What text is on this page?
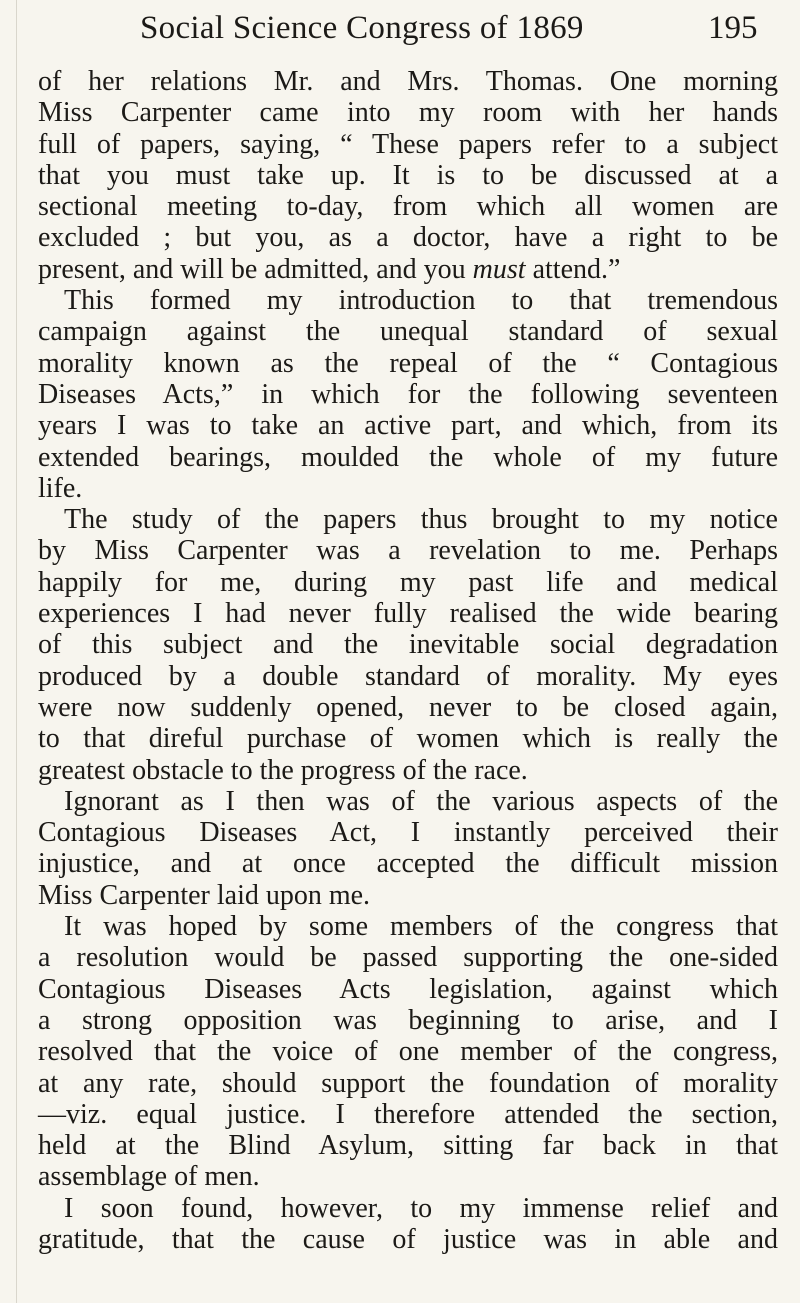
Social Science Congress of 1869	195
of her relations Mr. and Mrs. Thomas. One morning
Miss Carpenter came into my room with her hands
full of papers, saying, “ These papers refer to a subject
that you must take up. It is to be discussed at a
sectional meeting to-day, from which all women are
excluded ; but you, as a doctor, have a right to be
present, and will be admitted, and you must attend.”
This formed my introduction to that tremendous
campaign against the unequal standard of sexual
morality known as the repeal of the “ Contagious
Diseases Acts,” in which for the following seventeen
years I was to take an active part, and which, from its
extended bearings, moulded the whole of my future
life.
The study of the papers thus brought to my notice
by Miss Carpenter was a revelation to me. Perhaps
happily for me, during my past life and medical
experiences I had never fully realised the wide bearing
of this subject and the inevitable social degradation
produced by a double standard of morality. My eyes
were now suddenly opened, never to be closed again,
to that direful purchase of women which is really the
greatest obstacle to the progress of the race.
Ignorant as I then was of the various aspects of the
Contagious Diseases Act, I instantly perceived their
injustice, and at once accepted the difficult mission
Miss Carpenter laid upon me.
It was hoped by some members of the congress that
a resolution would be passed supporting the one-sided
Contagious Diseases Acts legislation, against which
a strong opposition was beginning to arise, and I
resolved that the voice of one member of the congress,
at any rate, should support the foundation of morality
—viz. equal justice. I therefore attended the section,
held at the Blind Asylum, sitting far back in that
assemblage of men.
I soon found, however, to my immense relief and
gratitude, that the cause of justice was in able and
